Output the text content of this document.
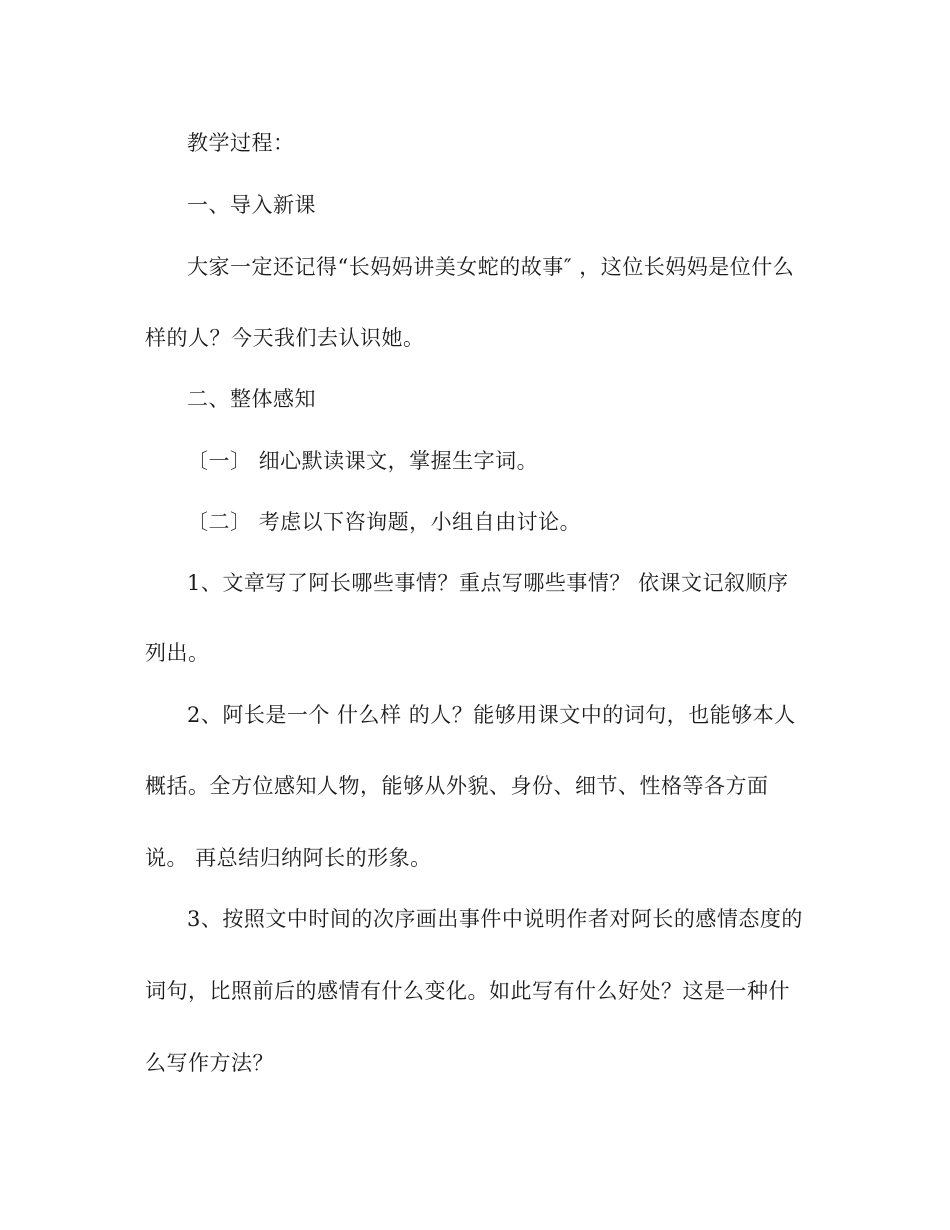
教学过程：

一、导入新课

大家一定还记得“长妈妈讲美女蛇的故事″ ，这位长妈妈是位什么

样的人？今天我们去认识她。

二、整体感知

〔一〕 细心默读课文，掌握生字词。

〔二〕 考虑以下咨询题，小组自由讨论。

1、文章写了阿长哪些事情？重点写哪些事情？ 依课文记叙顺序

列出。

2、阿长是一个 什么样 的人？能够用课文中的词句，也能够本人

概括。全方位感知人物，能够从外貌、身份、细节、性格等各方面

说。 再总结归纳阿长的形象。

3、按照文中时间的次序画出事件中说明作者对阿长的感情态度的

词句，比照前后的感情有什么变化。如此写有什么好处？这是一种什

么写作方法？
